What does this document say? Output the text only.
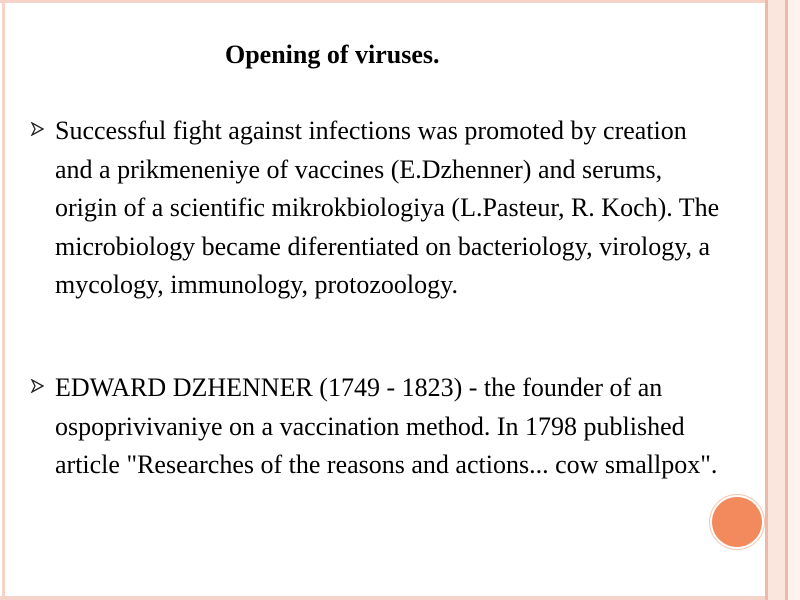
Opening of viruses.
Successful fight against infections was promoted by creation and a prikmeneniye of vaccines (E.Dzhenner) and serums, origin of a scientific mikrokbiologiya (L.Pasteur, R. Koch). The microbiology became diferentiated on bacteriology, virology, a mycology, immunology, protozoology.
EDWARD DZHENNER (1749 - 1823) - the founder of an ospoprivivaniye on a vaccination method. In 1798 published article "Researches of the reasons and actions... cow smallpox".
